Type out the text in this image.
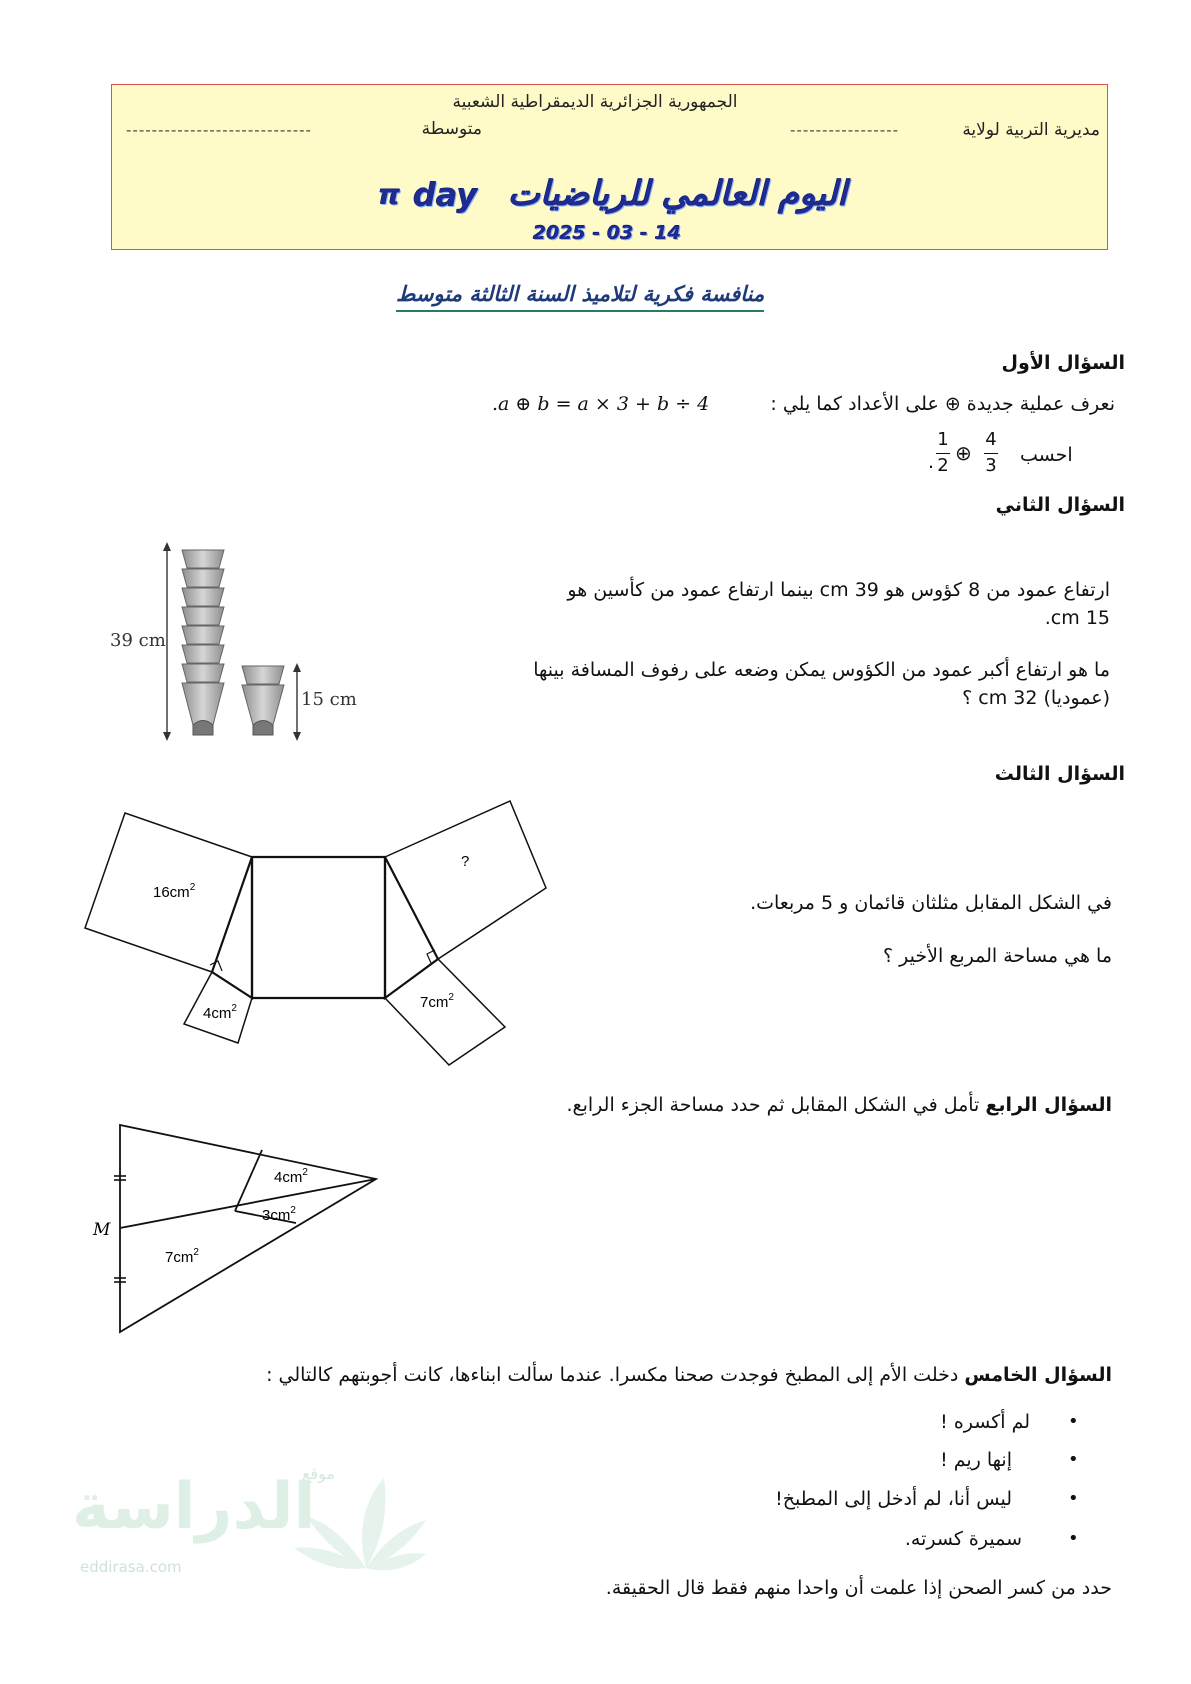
الجمهورية الجزائرية الديمقراطية الشعبية
مديرية التربية لولاية
-----------------
متوسطة
-----------------------------
اليوم العالمي للرياضيات
day
π
2025 - 03 - 14
منافسة فكرية لتلاميذ السنة الثالثة متوسط
السؤال الأول
نعرف عملية جديدة ⊕ على الأعداد كما يلي :
.a ⊕ b = a × 3 + b ÷ 4
احسب
.
1
2
⊕
4
3
السؤال الثاني
ارتفاع عمود من 8 كؤوس هو 39 cm بينما ارتفاع عمود من كأسين هو
15 cm.
ما هو ارتفاع أكبر عمود من الكؤوس يمكن وضعه على رفوف المسافة بينها
(عموديا) 32 cm ؟
39 cm
15 cm
السؤال الثالث
في الشكل المقابل مثلثان قائمان و 5 مربعات.
ما هي مساحة المربع الأخير ؟
$16cm^2$
$4cm^2$	$7cm^2$
?
السؤال الرابع تأمل في الشكل المقابل ثم حدد مساحة الجزء الرابع.
$4cm^2$
$3cm^2$
$7cm^2$
M
السؤال الخامس دخلت الأم إلى المطبخ فوجدت صحنا مكسرا. عندما سألت ابناءها، كانت أجوبتهم كالتالي :
لم أكسره ! •
إنها ريم !	•
ليس أنا، لم أدخل إلى المطبخ!	•
سميرة كسرته.	•
حدد من كسر الصحن إذا علمت أن واحدا منهم فقط قال الحقيقة.
موقع
الدراسة
eddirasa.com
